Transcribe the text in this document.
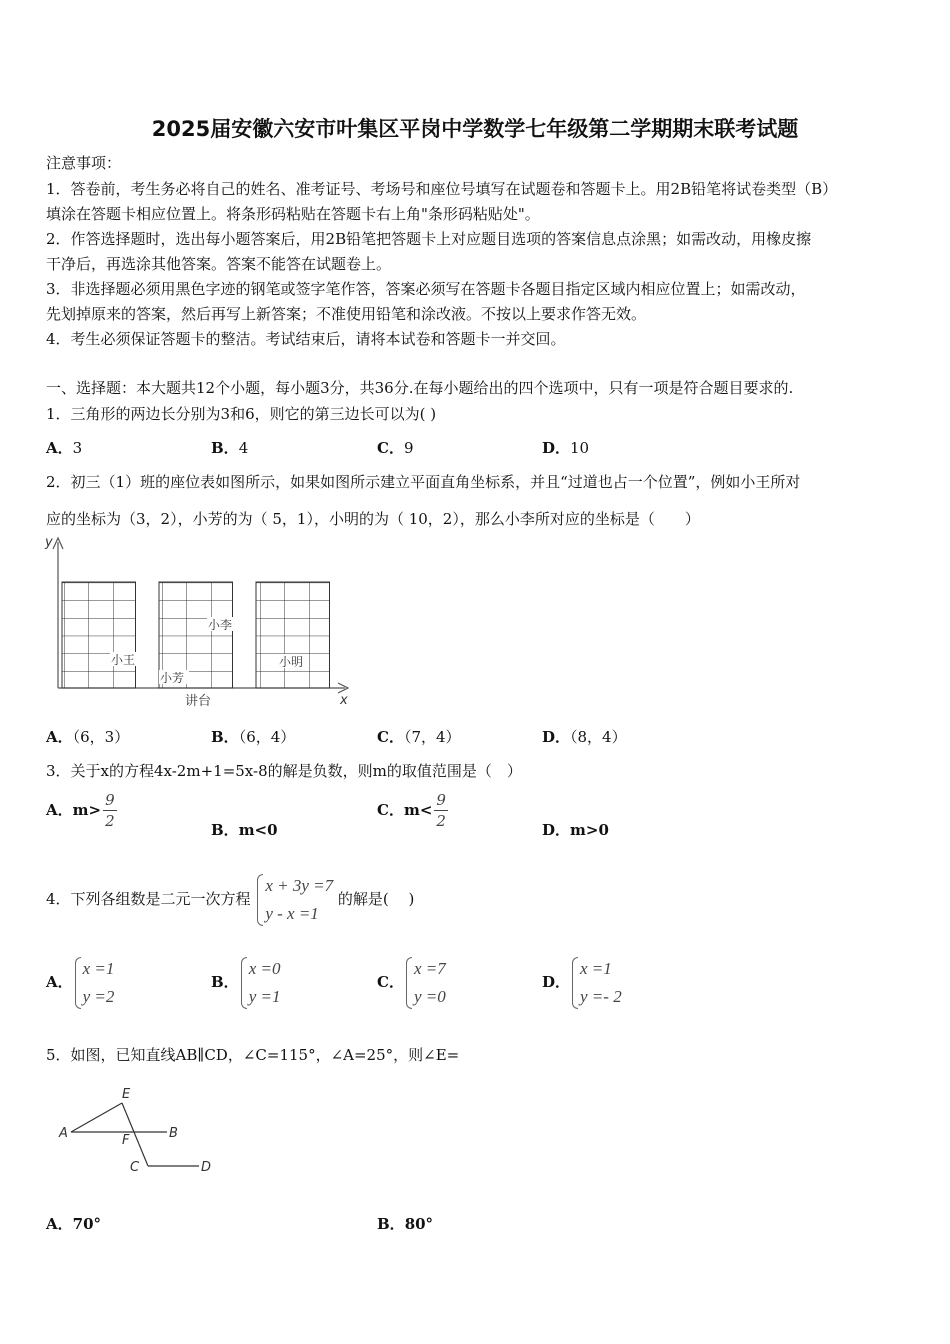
2025届安徽六安市叶集区平岗中学数学七年级第二学期期末联考试题
注意事项：
1．答卷前，考生务必将自己的姓名、准考证号、考场号和座位号填写在试题卷和答题卡上。用2B铅笔将试卷类型（B）
填涂在答题卡相应位置上。将条形码粘贴在答题卡右上角"条形码粘贴处"。
2．作答选择题时，选出每小题答案后，用2B铅笔把答题卡上对应题目选项的答案信息点涂黑；如需改动，用橡皮擦
干净后，再选涂其他答案。答案不能答在试题卷上。
3．非选择题必须用黑色字迹的钢笔或签字笔作答，答案必须写在答题卡各题目指定区域内相应位置上；如需改动，
先划掉原来的答案，然后再写上新答案；不准使用铅笔和涂改液。不按以上要求作答无效。
4．考生必须保证答题卡的整洁。考试结束后，请将本试卷和答题卡一并交回。
一、选择题：本大题共12个小题，每小题3分，共36分.在每小题给出的四个选项中，只有一项是符合题目要求的.
1．三角形的两边长分别为3和6，则它的第三边长可以为( )
A．3	B．4	C．9	D．10
2．初三（1）班的座位表如图所示，如果如图所示建立平面直角坐标系，并且“过道也占一个位置”，例如小王所对
应的坐标为（3，2），小芳的为（ 5，1），小明的为（ 10，2），那么小李所对应的坐标是（　　）
y
x
小王
小芳
小李
小明
讲台
A．（6，3）	B．（6，4）	C．（7，4）	D．（8，4）
3．关于x的方程4x-2m+1=5x-8的解是负数，则m的取值范围是（　）
A．$m> \frac{9}{2}$
B．m<0
C．$m< \frac{9}{2}$
D．m>0
4．下列各组数是二元一次方程 x + 3y =7
y - x =1 的解是(　 )
A．x =1
y =2
B．x =0
y =1
C．x =7
y =0
D．x =1
y =- 2
5．如图，已知直线AB∥CD，∠C=115°，∠A=25°，则∠E=
A	B
C	D
E
F
A．70°	B．80°
